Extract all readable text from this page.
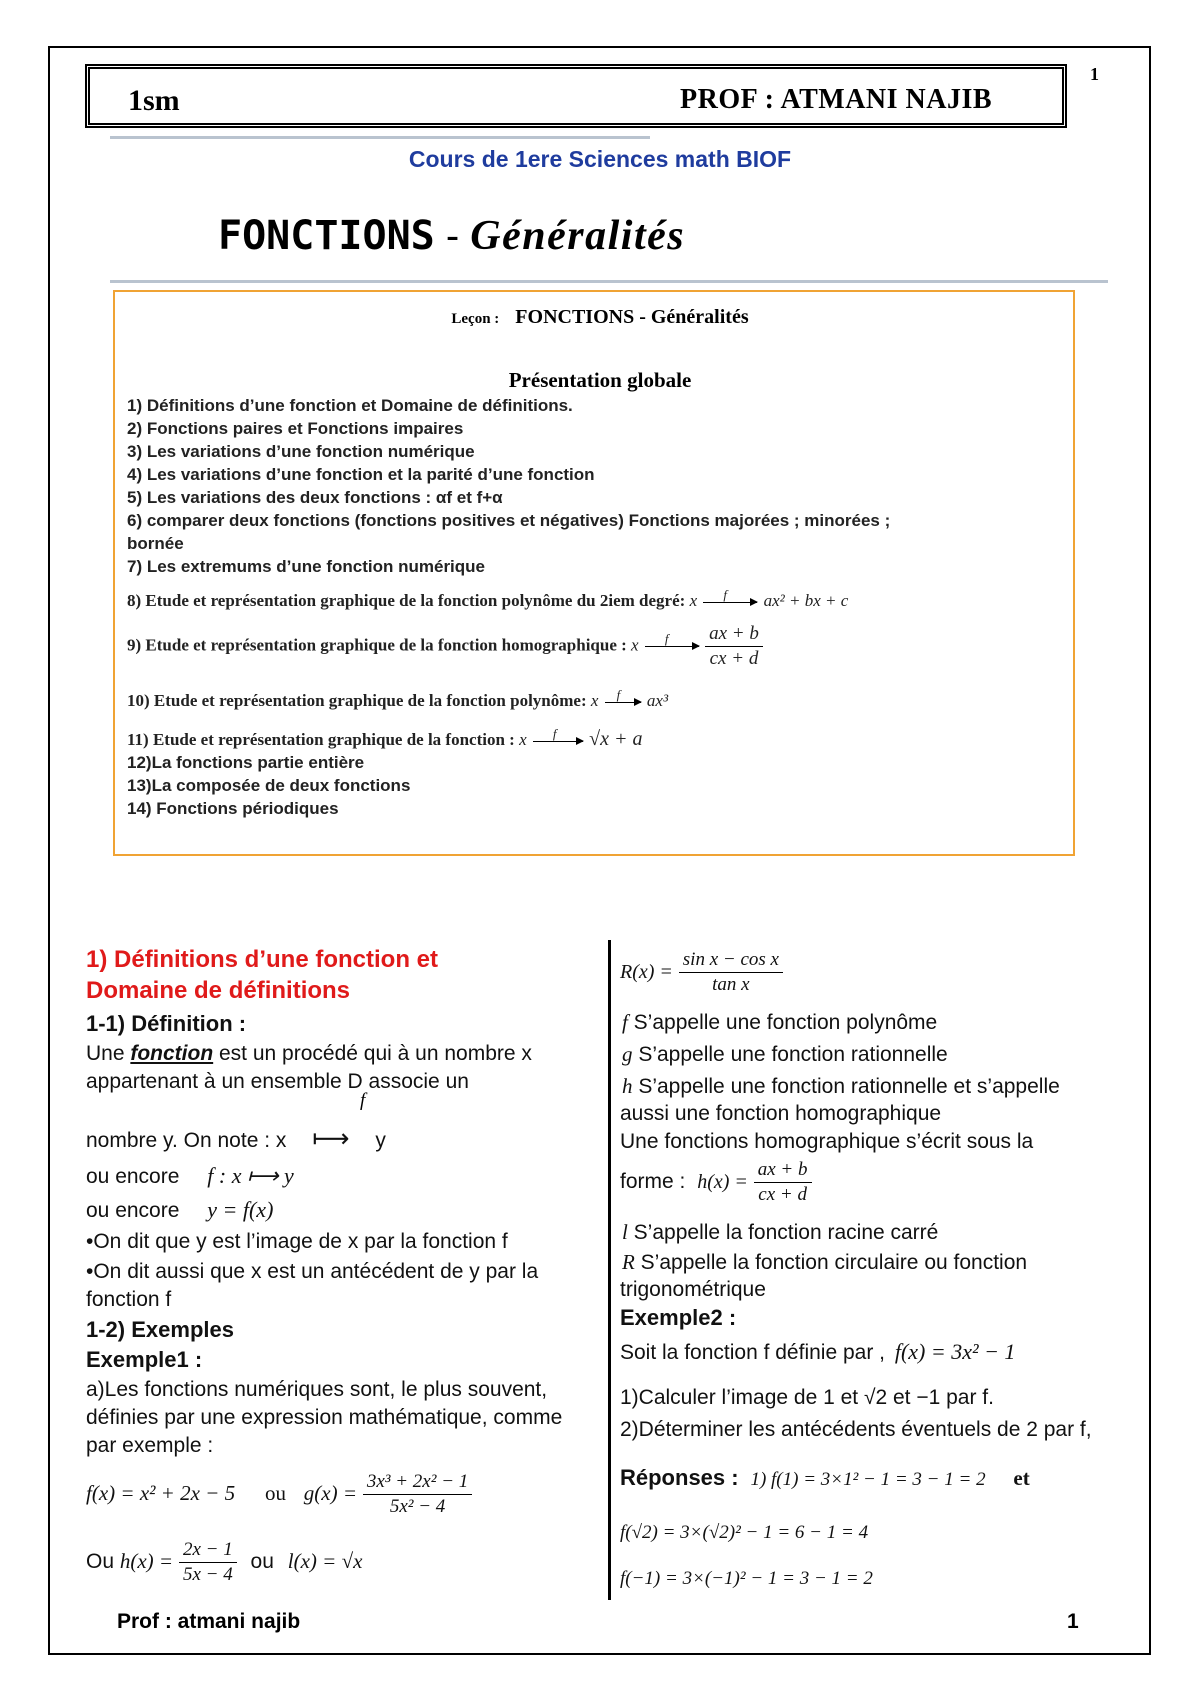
1sm	PROF : ATMANI NAJIB
1
Cours de 1ere Sciences math BIOF
FONCTIONS - Généralités
Leçon : FONCTIONS - Généralités
Présentation globale
1) Définitions d’une fonction et Domaine de définitions.
2) Fonctions paires et Fonctions impaires
3) Les variations d’une fonction numérique
4) Les variations d’une fonction et la parité d’une fonction
5) Les variations des deux fonctions : αf et f+α
6) comparer deux fonctions (fonctions positives et négatives) Fonctions majorées ; minorées ;
bornée
7) Les extremums d’une fonction numérique
8) Etude et représentation graphique de la fonction polynôme du 2iem degré: x f ax² + bx + c
9) Etude et représentation graphique de la fonction homographique : x f
$\frac{ax + b}{cx + d}$
10) Etude et représentation graphique de la fonction polynôme: x f ax³
11) Etude et représentation graphique de la fonction : x f √x + a
12)La fonctions partie entière
13)La composée de deux fonctions
14) Fonctions périodiques
1) Définitions d’une fonction et
Domaine de définitions
1-1) Définition :
Une fonction est un procédé qui à un nombre x
appartenant à un ensemble D associe un
f
nombre y. On note : x ⟼ y
ou encore f : x ⟼ y
ou encore y = f(x)
•On dit que y est l’image de x par la fonction f
•On dit aussi que x est un antécédent de y par la
fonction f
1-2) Exemples
Exemple1 :
a)Les fonctions numériques sont, le plus souvent,
définies par une expression mathématique, comme
par exemple :
f(x) = x² + 2x − 5 ou $g(x) = \frac{\text{3x³ + 2x² − 1}}{\text{5x² − 4}}$
Ou $h(x) = \frac{2x - 1}{5x - 4}$ ou l(x) = √x
$R(x) = \frac{\text{sin x − cos x}}{\text{tan x}}$
f S’appelle une fonction polynôme
g S’appelle une fonction rationnelle
h S’appelle une fonction rationnelle et s’appelle
aussi une fonction homographique
Une fonctions homographique s’écrit sous la
forme : $h(x) = \frac{ax + b}{cx + d}$
l S’appelle la fonction racine carré
R S’appelle la fonction circulaire ou fonction
trigonométrique
Exemple2 :
Soit la fonction f définie par , f(x) = 3x² − 1
1)Calculer l’image de 1 et √2 et −1 par f.
2)Déterminer les antécédents éventuels de 2 par f,
Réponses : 1) f(1) = 3×1² − 1 = 3 − 1 = 2 et
f(√2) = 3×(√2)² − 1 = 6 − 1 = 4
f(−1) = 3×(−1)² − 1 = 3 − 1 = 2
Prof : atmani najib	1
